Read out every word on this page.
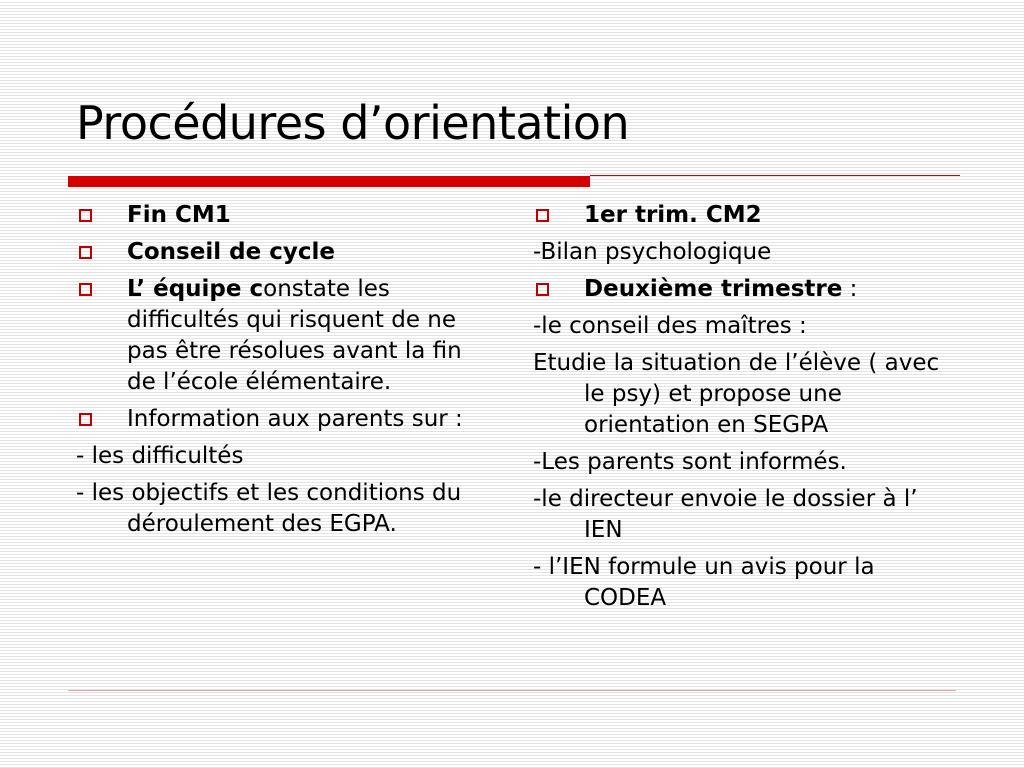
Procédures d’orientation
Fin CM1
Conseil de cycle
L’ équipe constate les difficultés qui risquent de ne pas être résolues avant la fin de l’école élémentaire.
Information aux parents sur :
- les difficultés
- les objectifs et les conditions du déroulement des EGPA.
1er trim. CM2
-Bilan psychologique
Deuxième trimestre :
-le conseil des maîtres :
Etudie la situation de l’élève ( avec le psy) et propose une orientation en SEGPA
-Les parents sont informés.
-le directeur envoie le dossier à l’ IEN
- l’IEN formule un avis pour la CODEA
